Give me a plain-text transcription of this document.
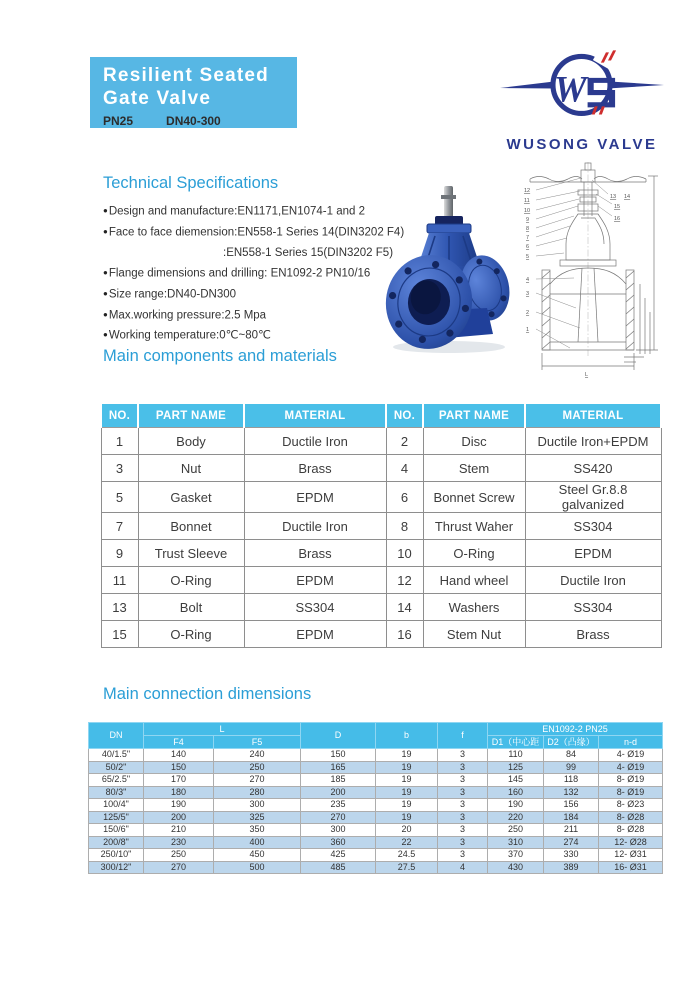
Resilient Seated
Gate Valve
PN25	DN40-300
W
WUSONG VALVE
Technical Specifications
●Design and manufacture:EN1171,EN1074-1 and 2
●Face to face diemension:EN558-1 Series 14(DIN3202 F4)
:EN558-1 Series 15(DIN3202 F5)
●Flange dimensions and drilling: EN1092-2 PN10/16
●Size range:DN40-DN300
●Max.working pressure:2.5 Mpa
●Working temperature:0℃~80℃
12
11
10
9
8
7
6
5
4
3
2
1
13 14
15
16
L
Main components and materials
NO.	PART NAME	MATERIAL	NO.	PART NAME	MATERIAL
1	Body	Ductile Iron	2	Disc	Ductile Iron+EPDM
3	Nut	Brass	4	Stem	SS420
5	Gasket	EPDM	6	Bonnet Screw	Steel Gr.8.8 galvanized
7	Bonnet	Ductile Iron	8	Thrust Waher	SS304
9	Trust Sleeve	Brass	10	O-Ring	EPDM
11	O-Ring	EPDM	12	Hand wheel	Ductile Iron
13	Bolt	SS304	14	Washers	SS304
15	O-Ring	EPDM	16	Stem Nut	Brass
Main connection dimensions
DN	L		D	b	f	EN1092-2 PN25		
	F4	F5				D1（中心距	D2（凸缘）	n-d
40/1.5"	140	240	150	19	3	110	84	4- Ø19
50/2"	150	250	165	19	3	125	99	4- Ø19
65/2.5"	170	270	185	19	3	145	118	8- Ø19
80/3"	180	280	200	19	3	160	132	8- Ø19
100/4"	190	300	235	19	3	190	156	8- Ø23
125/5"	200	325	270	19	3	220	184	8- Ø28
150/6"	210	350	300	20	3	250	211	8- Ø28
200/8"	230	400	360	22	3	310	274	12- Ø28
250/10"	250	450	425	24.5	3	370	330	12- Ø31
300/12"	270	500	485	27.5	4	430	389	16- Ø31
